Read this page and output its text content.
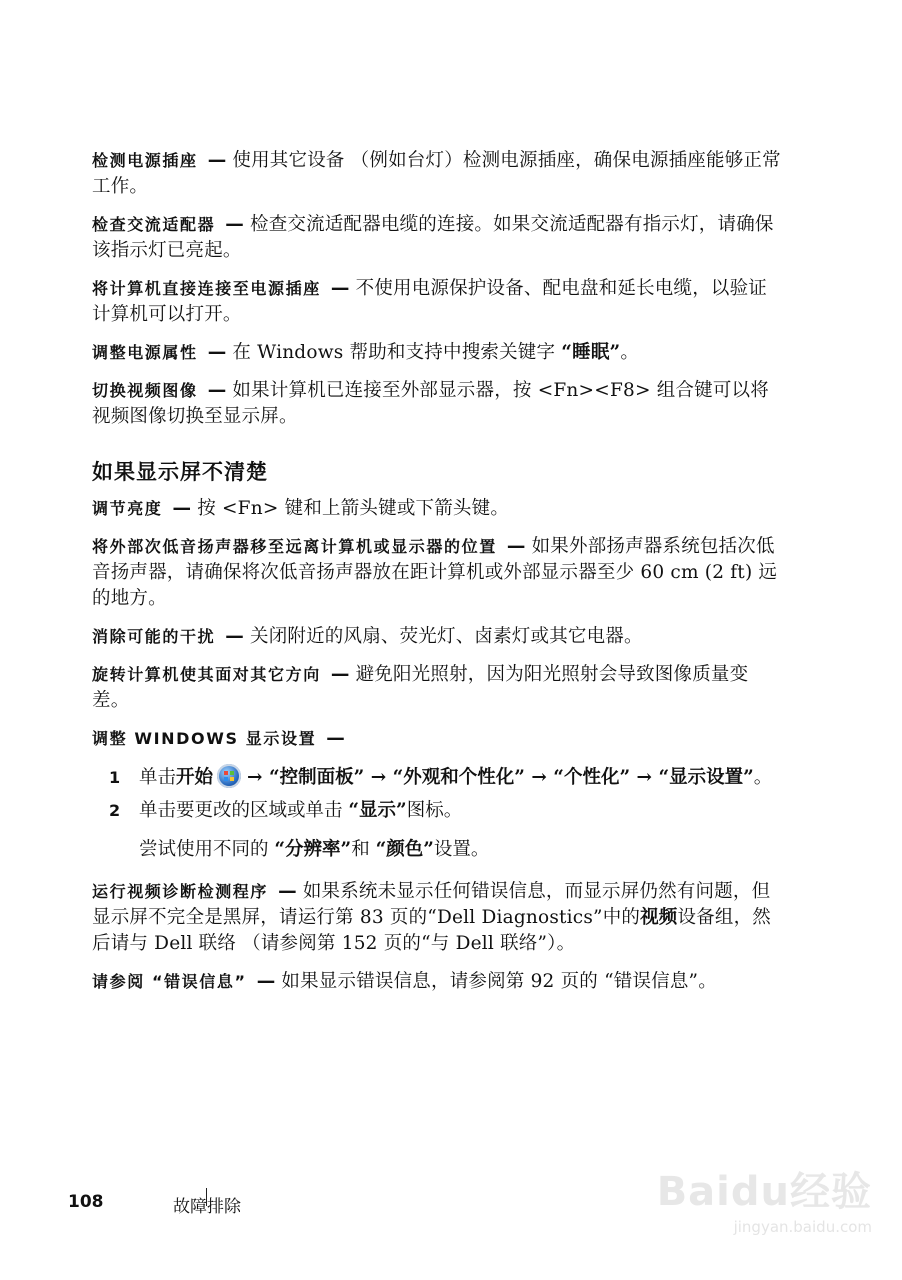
检测电源插座 — 使用其它设备 （例如台灯）检测电源插座，确保电源插座能够正常工作。

检查交流适配器 — 检查交流适配器电缆的连接。如果交流适配器有指示灯，请确保该指示灯已亮起。

将计算机直接连接至电源插座 — 不使用电源保护设备、配电盘和延长电缆，以验证计算机可以打开。

调整电源属性 — 在 Windows 帮助和支持中搜索关键字 “睡眠”。

切换视频图像 — 如果计算机已连接至外部显示器，按 <Fn><F8> 组合键可以将视频图像切换至显示屏。

如果显示屏不清楚

调节亮度 — 按 <Fn> 键和上箭头键或下箭头键。

将外部次低音扬声器移至远离计算机或显示器的位置 — 如果外部扬声器系统包括次低音扬声器，请确保将次低音扬声器放在距计算机或外部显示器至少 60 cm (2 ft) 远的地方。

消除可能的干扰 — 关闭附近的风扇、荧光灯、卤素灯或其它电器。

旋转计算机使其面对其它方向 — 避免阳光照射，因为阳光照射会导致图像质量变差。

调整 WINDOWS 显示设置 —

1 单击开始 → “控制面板” → “外观和个性化” → “个性化” → “显示设置”。
2 单击要更改的区域或单击 “显示”图标。

尝试使用不同的 “分辨率”和 “颜色”设置。

运行视频诊断检测程序 — 如果系统未显示任何错误信息，而显示屏仍然有问题，但显示屏不完全是黑屏，请运行第 83 页的“Dell Diagnostics”中的视频设备组，然后请与 Dell 联络 （请参阅第 152 页的“与 Dell 联络”）。

请参阅 “错误信息” — 如果显示错误信息，请参阅第 92 页的 “错误信息”。

108	故障排除	Baidu经验
jingyan.baidu.com
